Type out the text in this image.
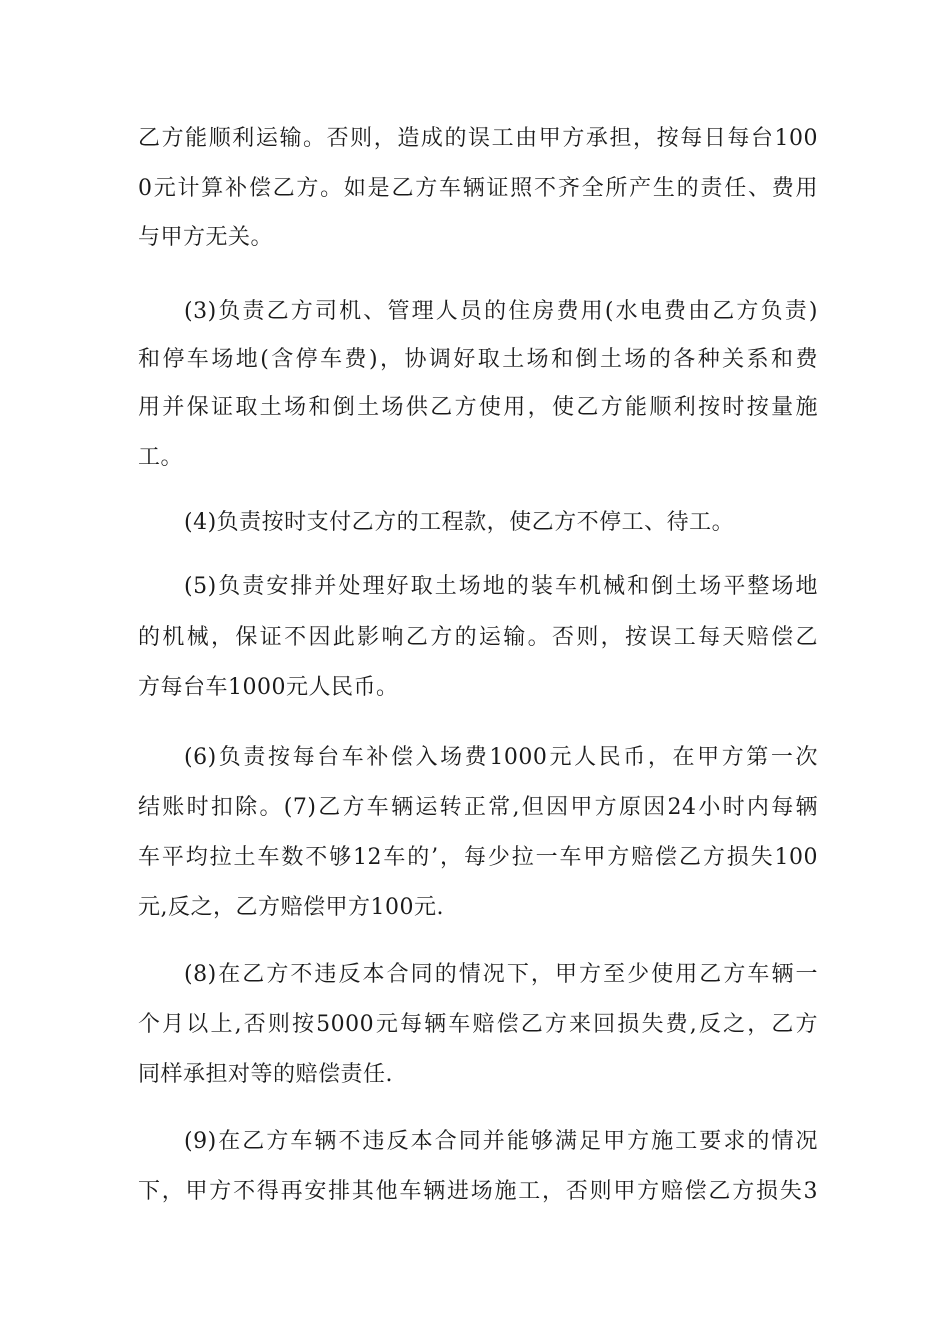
乙方能顺利运输。否则，造成的误工由甲方承担，按每日每台100
0元计算补偿乙方。如是乙方车辆证照不齐全所产生的责任、费用
与甲方无关。
(3)负责乙方司机、管理人员的住房费用(水电费由乙方负责)
和停车场地(含停车费)，协调好取土场和倒土场的各种关系和费
用并保证取土场和倒土场供乙方使用，使乙方能顺利按时按量施
工。
(4)负责按时支付乙方的工程款，使乙方不停工、待工。
(5)负责安排并处理好取土场地的装车机械和倒土场平整场地
的机械，保证不因此影响乙方的运输。否则，按误工每天赔偿乙
方每台车1000元人民币。
(6)负责按每台车补偿入场费1000元人民币，在甲方第一次
结账时扣除。(7)乙方车辆运转正常,但因甲方原因24小时内每辆
车平均拉土车数不够12车的’，每少拉一车甲方赔偿乙方损失100
元,反之，乙方赔偿甲方100元.
(8)在乙方不违反本合同的情况下，甲方至少使用乙方车辆一
个月以上,否则按5000元每辆车赔偿乙方来回损失费,反之，乙方
同样承担对等的赔偿责任.
(9)在乙方车辆不违反本合同并能够满足甲方施工要求的情况
下，甲方不得再安排其他车辆进场施工，否则甲方赔偿乙方损失3
